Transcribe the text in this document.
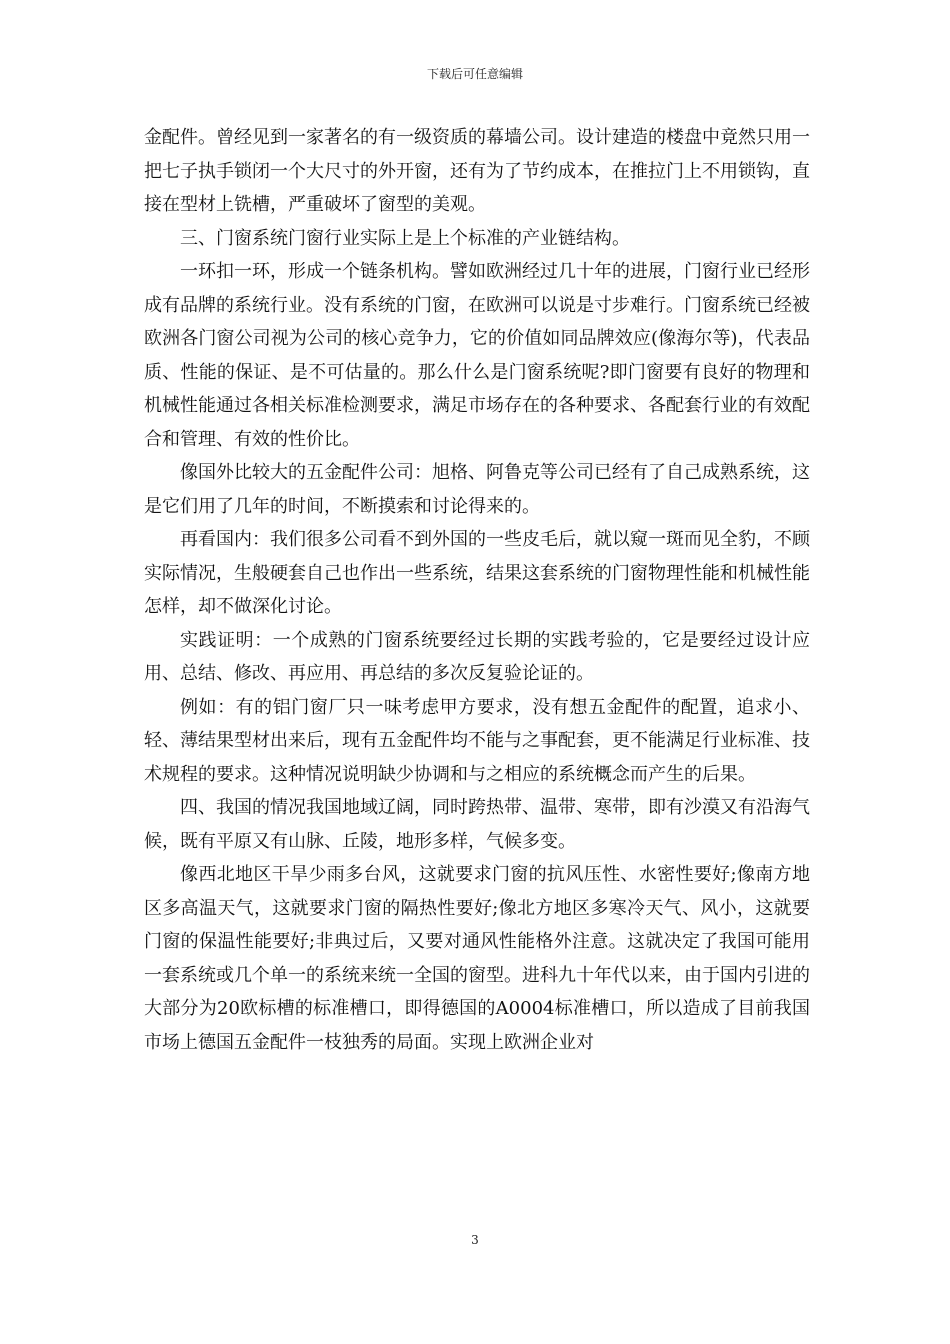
下载后可任意编辑

金配件。曾经见到一家著名的有一级资质的幕墙公司。设计建造的楼盘中竟然只用一把七子执手锁闭一个大尺寸的外开窗，还有为了节约成本，在推拉门上不用锁钩，直接在型材上铣槽，严重破坏了窗型的美观。

三、门窗系统门窗行业实际上是上个标准的产业链结构。

一环扣一环，形成一个链条机构。譬如欧洲经过几十年的进展，门窗行业已经形成有品牌的系统行业。没有系统的门窗，在欧洲可以说是寸步难行。门窗系统已经被欧洲各门窗公司视为公司的核心竞争力，它的价值如同品牌效应(像海尔等)，代表品质、性能的保证、是不可估量的。那么什么是门窗系统呢?即门窗要有良好的物理和机械性能通过各相关标准检测要求，满足市场存在的各种要求、各配套行业的有效配合和管理、有效的性价比。

像国外比较大的五金配件公司：旭格、阿鲁克等公司已经有了自己成熟系统，这是它们用了几年的时间，不断摸索和讨论得来的。

再看国内：我们很多公司看不到外国的一些皮毛后，就以窥一斑而见全豹，不顾实际情况，生般硬套自己也作出一些系统，结果这套系统的门窗物理性能和机械性能怎样，却不做深化讨论。

实践证明：一个成熟的门窗系统要经过长期的实践考验的，它是要经过设计应用、总结、修改、再应用、再总结的多次反复验论证的。

例如：有的铝门窗厂只一味考虑甲方要求，没有想五金配件的配置，追求小、轻、薄结果型材出来后，现有五金配件均不能与之事配套，更不能满足行业标准、技术规程的要求。这种情况说明缺少协调和与之相应的系统概念而产生的后果。

四、我国的情况我国地域辽阔，同时跨热带、温带、寒带，即有沙漠又有沿海气候，既有平原又有山脉、丘陵，地形多样，气候多变。

像西北地区干旱少雨多台风，这就要求门窗的抗风压性、水密性要好;像南方地区多高温天气，这就要求门窗的隔热性要好;像北方地区多寒冷天气、风小，这就要门窗的保温性能要好;非典过后，又要对通风性能格外注意。这就决定了我国可能用一套系统或几个单一的系统来统一全国的窗型。进科九十年代以来，由于国内引进的大部分为20欧标槽的标准槽口，即得德国的A0004标准槽口，所以造成了目前我国市场上德国五金配件一枝独秀的局面。实现上欧洲企业对

3
